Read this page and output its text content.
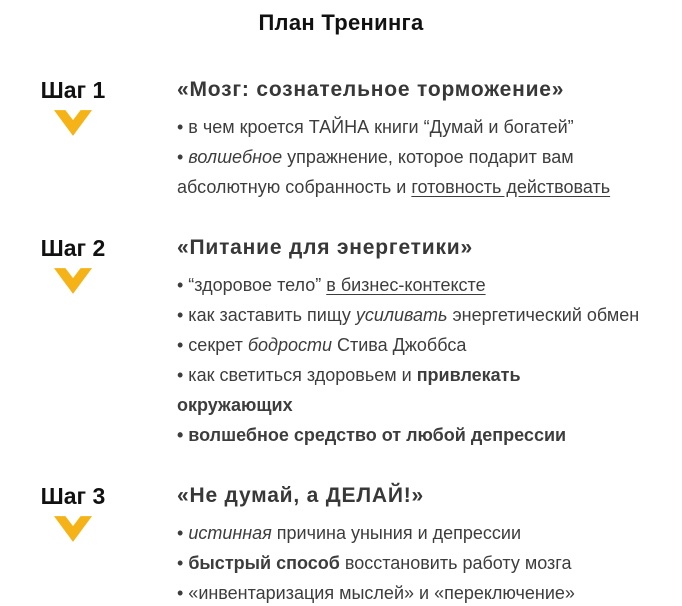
План Тренинга
Шаг 1	«Мозг: сознательное торможение»
• в чем кроется ТАЙНА книги “Думай и богатей”
• волшебное упражнение, которое подарит вам
абсолютную собранность и готовность действовать
Шаг 2	«Питание для энергетики»
• “здоровое тело” в бизнес-контексте
• как заставить пищу усиливать энергетический обмен
• секрет бодрости Стива Джоббса
• как светиться здоровьем и привлекать
окружающих
• волшебное средство от любой депрессии
Шаг 3	«Не думай, а ДЕЛАЙ!»
• истинная причина уныния и депрессии
• быстрый способ восстановить работу мозга
• «инвентаризация мыслей» и «переключение»
